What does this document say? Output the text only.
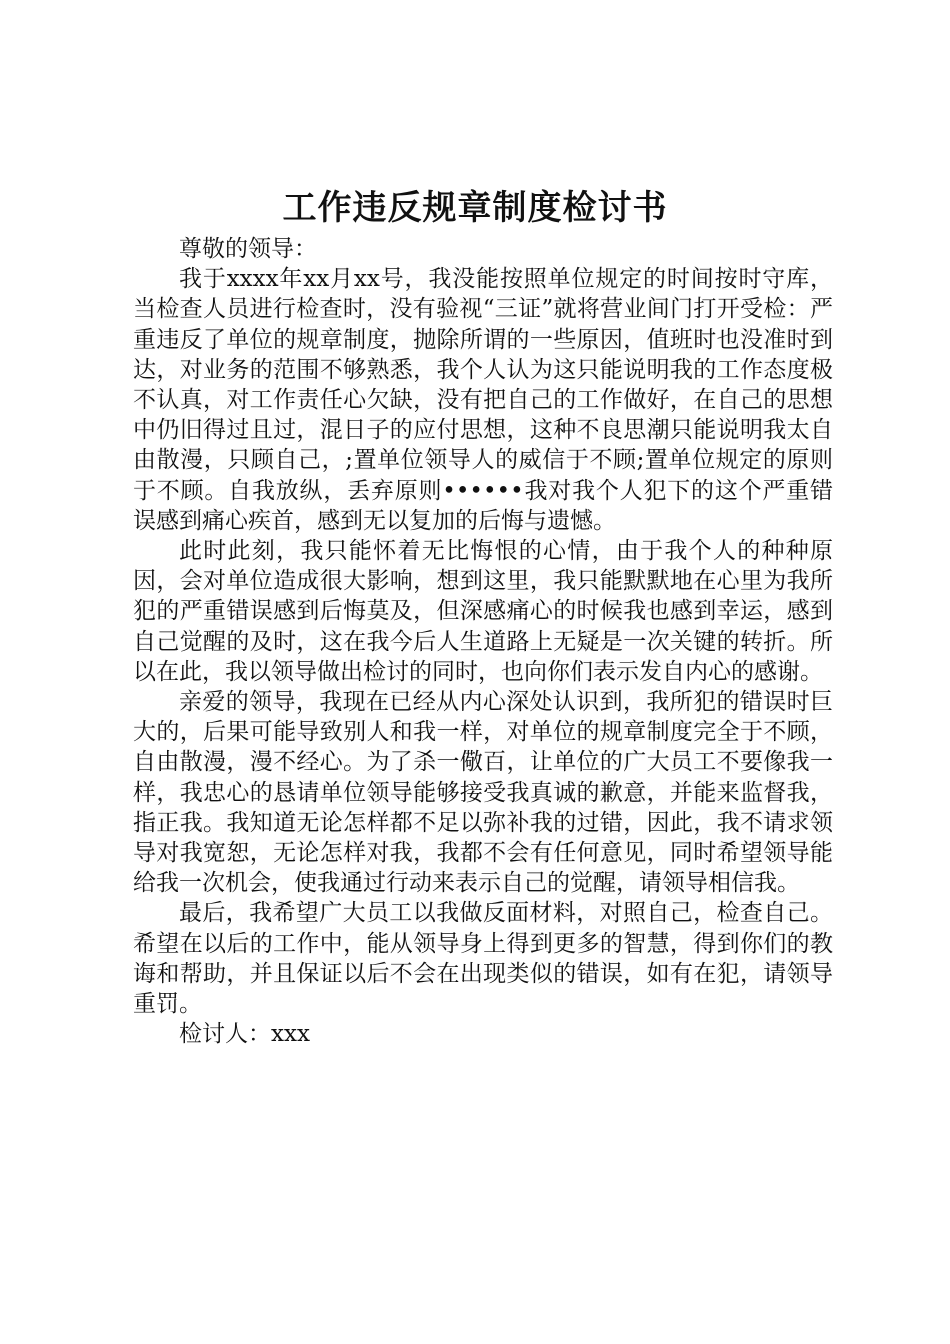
工作违反规章制度检讨书

尊敬的领导：

我于xxxx年xx月xx号，我没能按照单位规定的时间按时守库，当检查人员进行检查时，没有验视“三证”就将营业间门打开受检：严重违反了单位的规章制度，抛除所谓的一些原因，值班时也没准时到达，对业务的范围不够熟悉，我个人认为这只能说明我的工作态度极不认真，对工作责任心欠缺，没有把自己的工作做好，在自己的思想中仍旧得过且过，混日子的应付思想，这种不良思潮只能说明我太自由散漫，只顾自己，;置单位领导人的威信于不顾;置单位规定的原则于不顾。自我放纵，丢弃原则••••••我对我个人犯下的这个严重错误感到痛心疾首，感到无以复加的后悔与遗憾。

此时此刻，我只能怀着无比悔恨的心情，由于我个人的种种原因，会对单位造成很大影响，想到这里，我只能默默地在心里为我所犯的严重错误感到后悔莫及，但深感痛心的时候我也感到幸运，感到自己觉醒的及时，这在我今后人生道路上无疑是一次关键的转折。所以在此，我以领导做出检讨的同时，也向你们表示发自内心的感谢。

亲爱的领导，我现在已经从内心深处认识到，我所犯的错误时巨大的，后果可能导致别人和我一样，对单位的规章制度完全于不顾，自由散漫，漫不经心。为了杀一儆百，让单位的广大员工不要像我一样，我忠心的恳请单位领导能够接受我真诚的歉意，并能来监督我，指正我。我知道无论怎样都不足以弥补我的过错，因此，我不请求领导对我宽恕，无论怎样对我，我都不会有任何意见，同时希望领导能给我一次机会，使我通过行动来表示自己的觉醒，请领导相信我。

最后，我希望广大员工以我做反面材料，对照自己，检查自己。希望在以后的工作中，能从领导身上得到更多的智慧，得到你们的教诲和帮助，并且保证以后不会在出现类似的错误，如有在犯，请领导重罚。

检讨人：xxx
